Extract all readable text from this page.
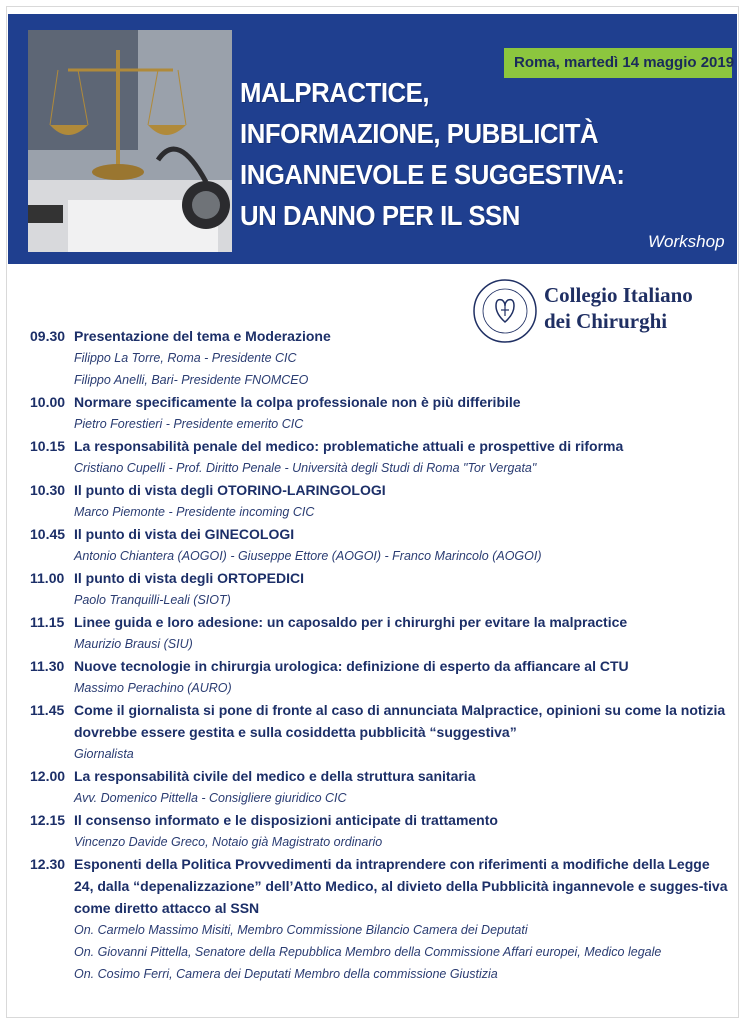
Roma, martedì 14 maggio 2019
MALPRACTICE,
INFORMAZIONE, PUBBLICITÀ
INGANNEVOLE E SUGGESTIVA:
UN DANNO PER IL SSN
Workshop
Collegio Italiano
dei Chirurghi
09.30 Presentazione del tema e Moderazione
Filippo La Torre, Roma - Presidente CIC
Filippo Anelli, Bari- Presidente FNOMCEO
10.00 Normare specificamente la colpa professionale non è più differibile
Pietro Forestieri - Presidente emerito CIC
10.15 La responsabilità penale del medico: problematiche attuali e prospettive di riforma
Cristiano Cupelli - Prof. Diritto Penale - Università degli Studi di Roma "Tor Vergata"
10.30 Il punto di vista degli OTORINO-LARINGOLOGI
Marco Piemonte - Presidente incoming CIC
10.45 Il punto di vista dei GINECOLOGI
Antonio Chiantera (AOGOI) - Giuseppe Ettore (AOGOI) - Franco Marincolo (AOGOI)
11.00 Il punto di vista degli ORTOPEDICI
Paolo Tranquilli-Leali (SIOT)
11.15 Linee guida e loro adesione: un caposaldo per i chirurghi per evitare la malpractice
Maurizio Brausi (SIU)
11.30 Nuove tecnologie in chirurgia urologica: definizione di esperto da affiancare al CTU
Massimo Perachino (AURO)
11.45 Come il giornalista si pone di fronte al caso di annunciata Malpractice, opinioni su come la notizia dovrebbe essere gestita e sulla cosiddetta pubblicità “suggestiva”
Giornalista
12.00 La responsabilità civile del medico e della struttura sanitaria
Avv. Domenico Pittella - Consigliere giuridico CIC
12.15 Il consenso informato e le disposizioni anticipate di trattamento
Vincenzo Davide Greco, Notaio già Magistrato ordinario
12.30 Esponenti della Politica Provvedimenti da intraprendere con riferimenti a modifiche della Legge 24, dalla “depenalizzazione” dell’Atto Medico, al divieto della Pubblicità ingannevole e sugges-tiva come diretto attacco al SSN
On. Carmelo Massimo Misiti, Membro Commissione Bilancio Camera dei Deputati
On. Giovanni Pittella, Senatore della Repubblica Membro della Commissione Affari europei, Medico legale
On. Cosimo Ferri, Camera dei Deputati Membro della commissione Giustizia
